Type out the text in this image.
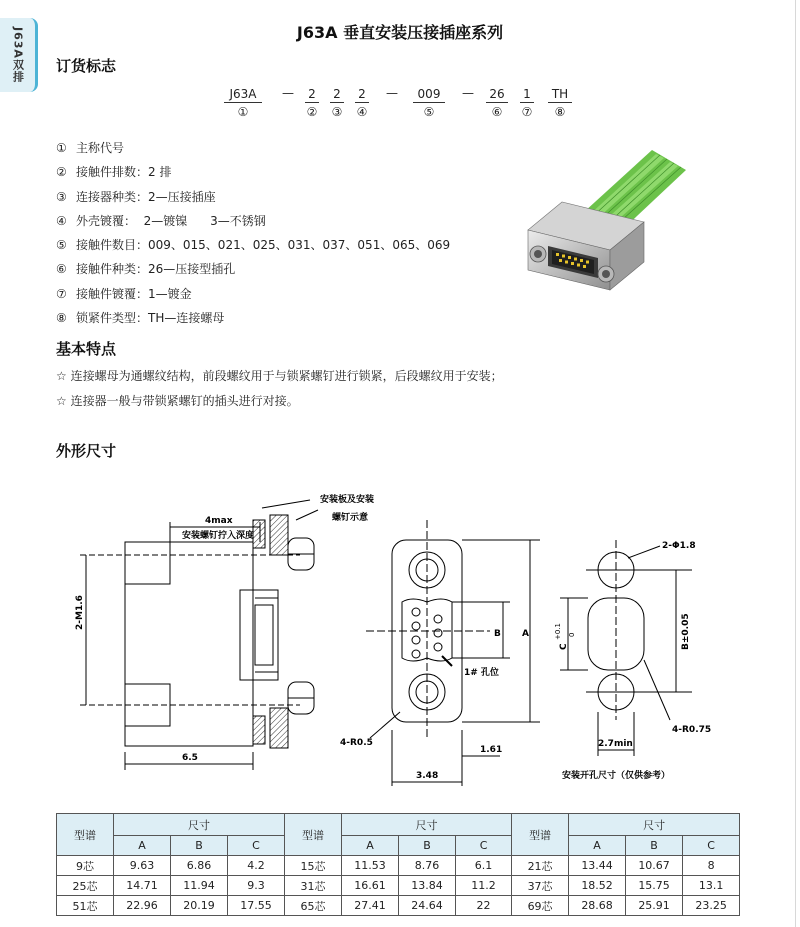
J63A双排	J63A 垂直安装压接插座系列
订货标志
J63A
①
— 2
②
2
③
2
④
—	009
⑤
— 26
⑥
1
⑦
TH
⑧
① 主称代号
② 接触件排数：2 排
③ 连接器种类：2—压接插座
④ 外壳镀覆：  2—镀镍      3—不锈钢
⑤ 接触件数目：009、015、021、025、031、037、051、065、069
⑥ 接触件种类：26—压接型插孔
⑦ 接触件镀覆：1—镀金
⑧ 锁紧件类型：TH—连接螺母
基本特点
☆ 连接螺母为通螺纹结构，前段螺纹用于与锁紧螺钉进行锁紧，后段螺纹用于安装；
☆ 连接器一般与带锁紧螺钉的插头进行对接。
外形尺寸
4max
安装螺钉拧入深度
安装板及安装
螺钉示意
2-M1.6
6.5
B A
1# 孔位
4-R0.5
1.61
3.48
2-Φ1.8
C
+0.1 0	B±0.05
4-R0.75
2.7min
安装开孔尺寸（仅供参考）
型谱	尺寸			型谱	尺寸			型谱	尺寸		
	A	B	C		A	B	C		A	B	C
9芯	9.63	6.86	4.2	15芯	11.53	8.76	6.1	21芯	13.44	10.67	8
25芯	14.71	11.94	9.3	31芯	16.61	13.84	11.2	37芯	18.52	15.75	13.1
51芯	22.96	20.19	17.55	65芯	27.41	24.64	22	69芯	28.68	25.91	23.25
